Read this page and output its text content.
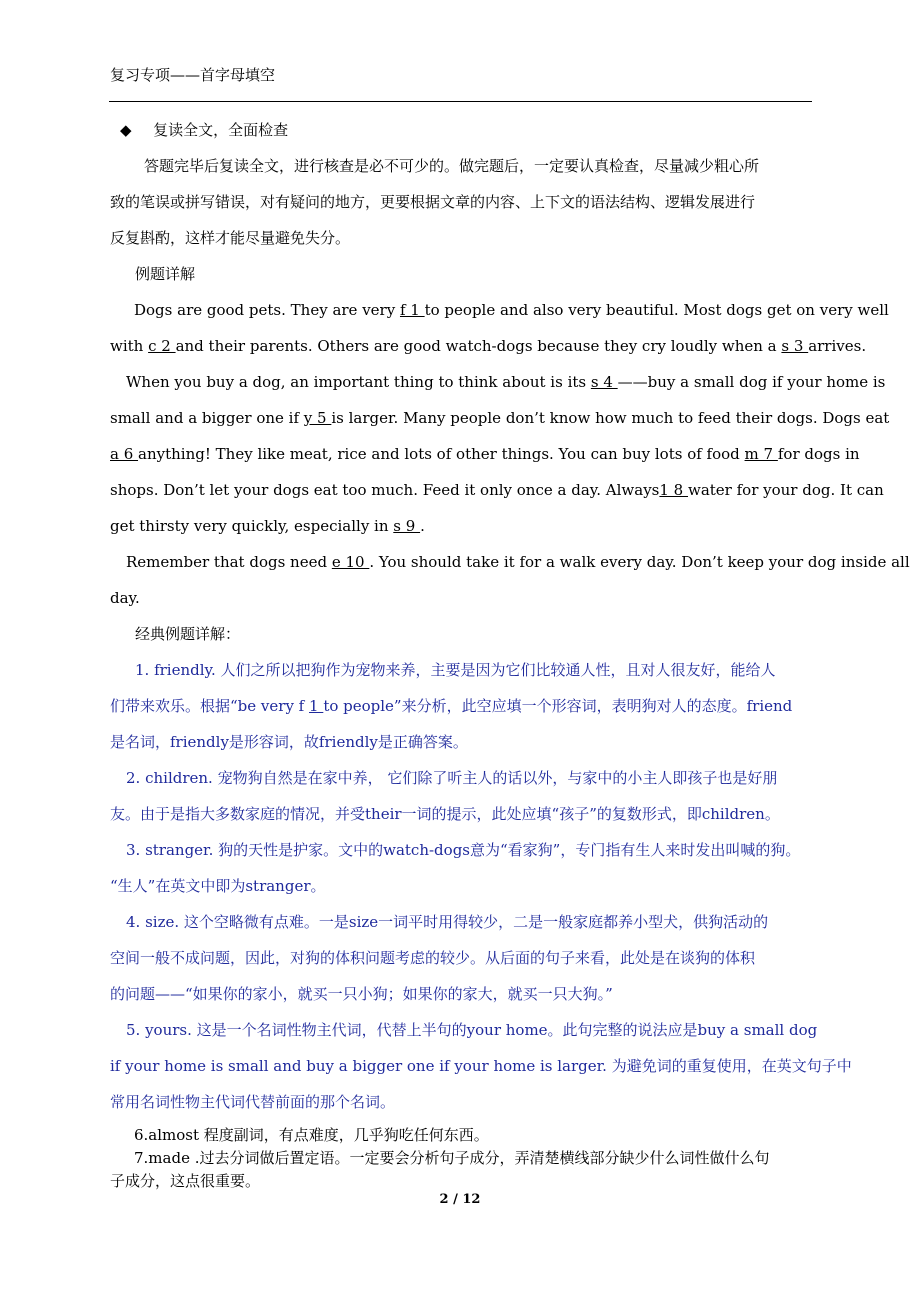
复习专项——首字母填空
◆ 复读全文，全面检查
答题完毕后复读全文，进行核查是必不可少的。做完题后，一定要认真检查，尽量减少粗心所
致的笔误或拼写错误，对有疑问的地方，更要根据文章的内容、上下文的语法结构、逻辑发展进行
反复斟酌，这样才能尽量避免失分。
例题详解
Dogs are good pets. They are very f 1 to people and also very beautiful. Most dogs get on very well
with c 2 and their parents. Others are good watch-dogs because they cry loudly when a s 3 arrives.
When you buy a dog, an important thing to think about is its s 4 ——buy a small dog if your home is
small and a bigger one if y 5 is larger. Many people don’t know how much to feed their dogs. Dogs eat
a 6 anything! They like meat, rice and lots of other things. You can buy lots of food m 7 for dogs in
shops. Don’t let your dogs eat too much. Feed it only once a day. Always1 8 water for your dog. It can
get thirsty very quickly, especially in s 9 .
Remember that dogs need e 10 . You should take it for a walk every day. Don’t keep your dog inside all
day.
经典例题详解：
1. friendly. 人们之所以把狗作为宠物来养，主要是因为它们比较通人性，且对人很友好，能给人
们带来欢乐。根据“be very f 1 to people”来分析，此空应填一个形容词，表明狗对人的态度。friend
是名词，friendly是形容词，故friendly是正确答案。
2. children. 宠物狗自然是在家中养， 它们除了听主人的话以外，与家中的小主人即孩子也是好朋
友。由于是指大多数家庭的情况，并受their一词的提示，此处应填“孩子”的复数形式，即children。
3. stranger. 狗的天性是护家。文中的watch-dogs意为“看家狗”，专门指有生人来时发出叫喊的狗。
“生人”在英文中即为stranger。
4. size. 这个空略微有点难。一是size一词平时用得较少，二是一般家庭都养小型犬，供狗活动的
空间一般不成问题，因此，对狗的体积问题考虑的较少。从后面的句子来看，此处是在谈狗的体积
的问题——“如果你的家小，就买一只小狗；如果你的家大，就买一只大狗。”
5. yours. 这是一个名词性物主代词，代替上半句的your home。此句完整的说法应是buy a small dog
if your home is small and buy a bigger one if your home is larger. 为避免词的重复使用，在英文句子中
常用名词性物主代词代替前面的那个名词。
6.almost 程度副词，有点难度，几乎狗吃任何东西。
7.made .过去分词做后置定语。一定要会分析句子成分，弄清楚横线部分缺少什么词性做什么句
子成分，这点很重要。
2 / 12
